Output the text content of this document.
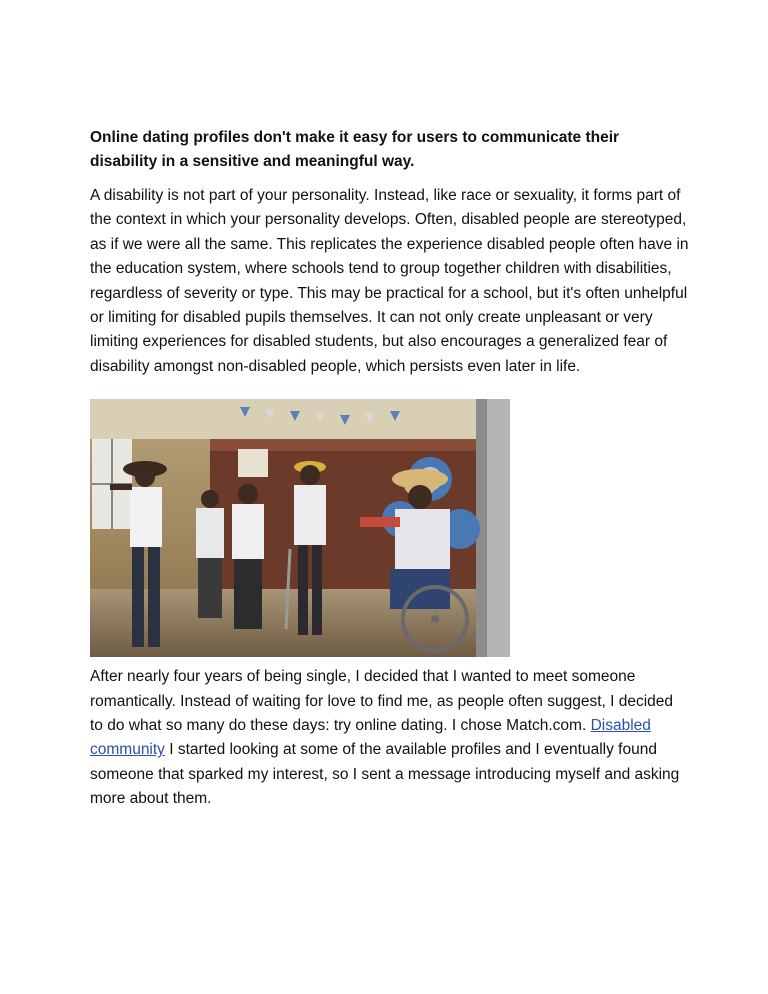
Online dating profiles don't make it easy for users to communicate their disability in a sensitive and meaningful way.

A disability is not part of your personality. Instead, like race or sexuality, it forms part of the context in which your personality develops. Often, disabled people are stereotyped, as if we were all the same. This replicates the experience disabled people often have in the education system, where schools tend to group together children with disabilities, regardless of severity or type. This may be practical for a school, but it's often unhelpful or limiting for disabled pupils themselves. It can not only create unpleasant or very limiting experiences for disabled students, but also encourages a generalized fear of disability amongst non-disabled people, which persists even later in life.

After nearly four years of being single, I decided that I wanted to meet someone romantically. Instead of waiting for love to find me, as people often suggest, I decided to do what so many do these days: try online dating. I chose Match.com. Disabled community I started looking at some of the available profiles and I eventually found someone that sparked my interest, so I sent a message introducing myself and asking more about them.
